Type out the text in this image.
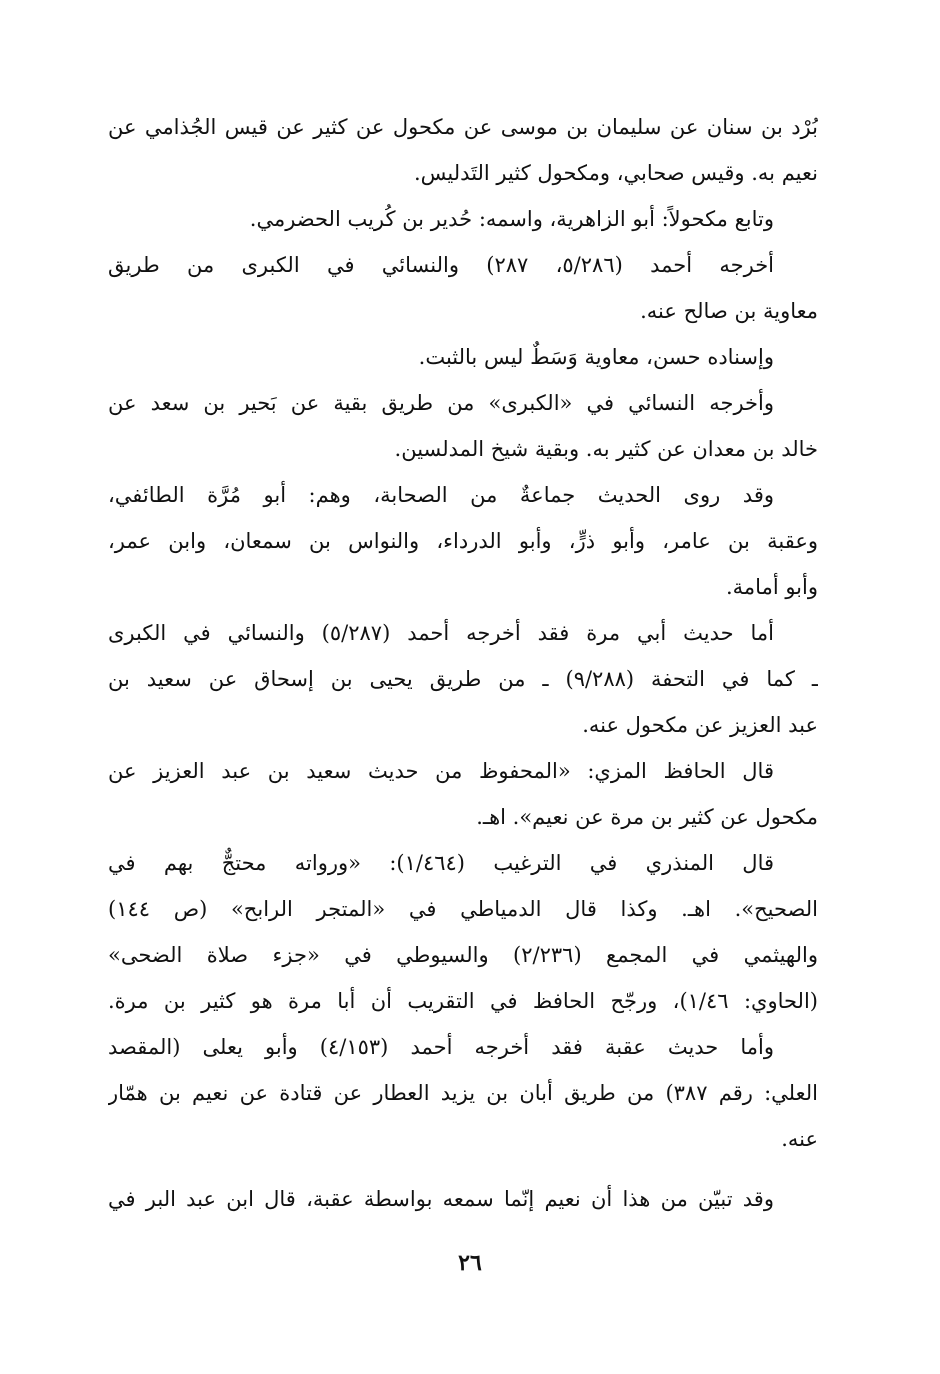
بُرْد بن سنان عن سليمان بن موسى عن مكحول عن كثير عن قيس الجُذامي عن
نعيم به. وقيس صحابي، ومكحول كثير التَدليس.
وتابع مكحولاً: أبو الزاهرية، واسمه: حُدير بن كُريب الحضرمي.
أخرجه أحمد (٥/٢٨٦، ٢٨٧) والنسائي في الكبرى من طريق
معاوية بن صالح عنه.
وإسناده حسن، معاوية وَسَطٌ ليس بالثبت.
وأخرجه النسائي في «الكبرى» من طريق بقية عن بَحير بن سعد عن
خالد بن معدان عن كثير به. وبقية شيخ المدلسين.
وقد روى الحديث جماعةٌ من الصحابة، وهم: أبو مُرَّة الطائفي،
وعقبة بن عامر، وأبو ذرٍّ، وأبو الدرداء، والنواس بن سمعان، وابن عمر،
وأبو أمامة.
أما حديث أبي مرة فقد أخرجه أحمد (٥/٢٨٧) والنسائي في الكبرى
ـ كما في التحفة (٩/٢٨٨) ـ من طريق يحيى بن إسحاق عن سعيد بن
عبد العزيز عن مكحول عنه.
قال الحافظ المزي: «المحفوظ من حديث سعيد بن عبد العزيز عن
مكحول عن كثير بن مرة عن نعيم». اهـ.
قال المنذري في الترغيب (١/٤٦٤): «ورواته محتجٌّ بهم في
الصحيح». اهـ. وكذا قال الدمياطي في «المتجر الرابح» (ص ١٤٤)
والهيثمي في المجمع (٢/٢٣٦) والسيوطي في «جزء صلاة الضحى»
(الحاوي: ١/٤٦)، ورجّح الحافظ في التقريب أن أبا مرة هو كثير بن مرة.
وأما حديث عقبة فقد أخرجه أحمد (٤/١٥٣) وأبو يعلى (المقصد
العلي: رقم ٣٨٧) من طريق أبان بن يزيد العطار عن قتادة عن نعيم بن همّار
عنه.
وقد تبيّن من هذا أن نعيم إنّما سمعه بواسطة عقبة، قال ابن عبد البر في
٢٦
